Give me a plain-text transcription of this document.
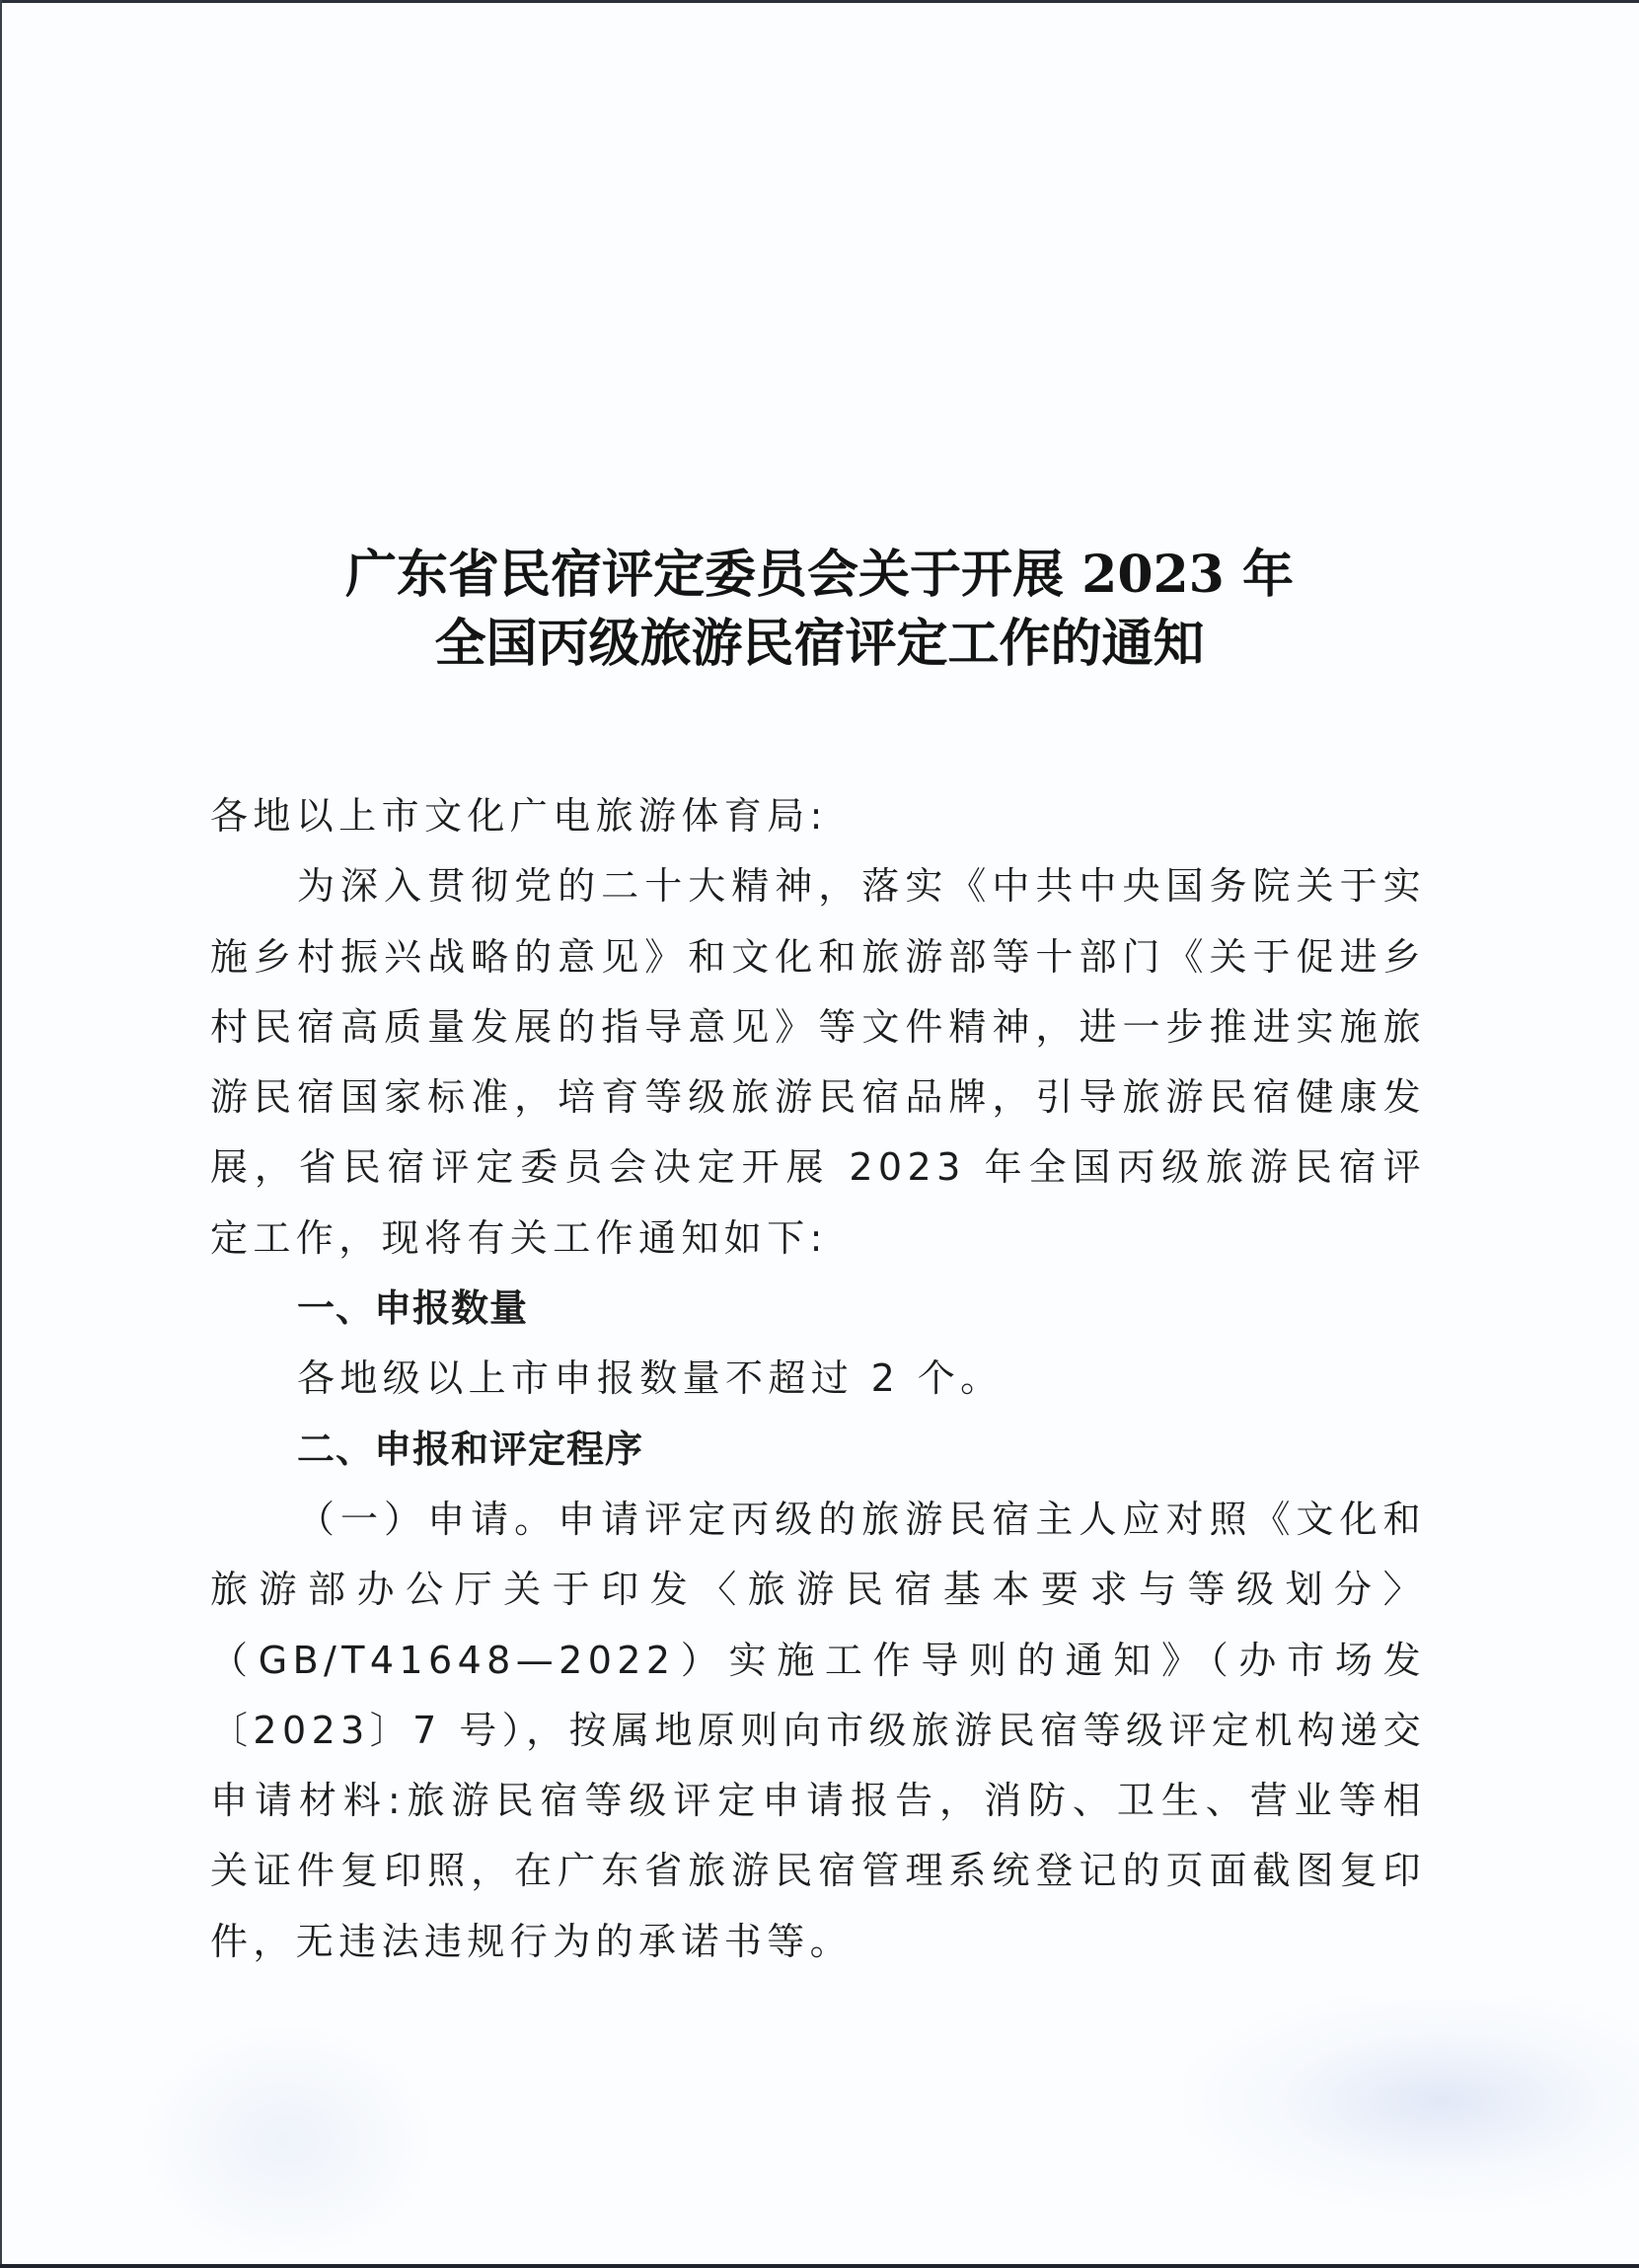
广东省民宿评定委员会关于开展 2023 年
全国丙级旅游民宿评定工作的通知

各地以上市文化广电旅游体育局:

为深入贯彻党的二十大精神，落实《中共中央国务院关于实施乡村振兴战略的意见》和文化和旅游部等十部门《关于促进乡村民宿高质量发展的指导意见》等文件精神，进一步推进实施旅游民宿国家标准，培育等级旅游民宿品牌，引导旅游民宿健康发展，省民宿评定委员会决定开展 2023 年全国丙级旅游民宿评定工作，现将有关工作通知如下:

一、申报数量

各地级以上市申报数量不超过 2 个。

二、申报和评定程序

（一）申请。申请评定丙级的旅游民宿主人应对照《文化和旅游部办公厅关于印发〈旅游民宿基本要求与等级划分〉（GB/T41648—2022）实施工作导则的通知》（办市场发〔2023〕7 号），按属地原则向市级旅游民宿等级评定机构递交申请材料:旅游民宿等级评定申请报告，消防、卫生、营业等相关证件复印照，在广东省旅游民宿管理系统登记的页面截图复印件，无违法违规行为的承诺书等。
